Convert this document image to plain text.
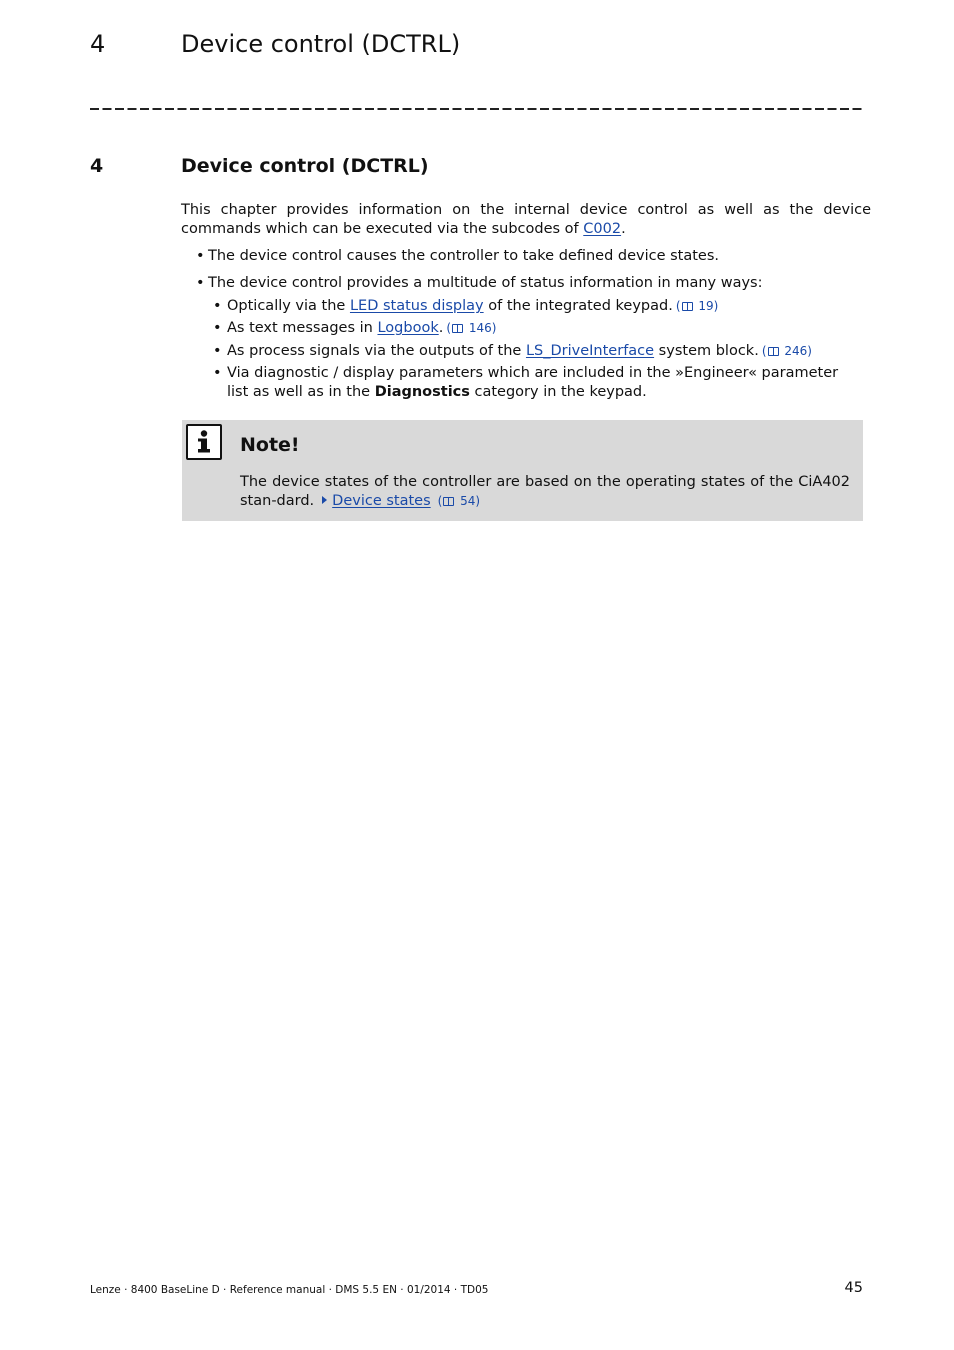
4	Device control (DCTRL)
4	Device control (DCTRL)
This chapter provides information on the internal device control as well as the device commands which can be executed via the subcodes of C002.
• The device control causes the controller to take defined device states.
• The device control provides a multitude of status information in many ways:
• Optically via the LED status display of the integrated keypad. ( 19)
• As text messages in Logbook. ( 146)
• As process signals via the outputs of the LS_DriveInterface system block. ( 246)
• Via diagnostic / display parameters which are included in the »Engineer« parameter list as well as in the Diagnostics category in the keypad.
Note!
The device states of the controller are based on the operating states of the CiA402 stan-dard. Device states ( 54)
Lenze · 8400 BaseLine D · Reference manual · DMS 5.5 EN · 01/2014 · TD05	45
